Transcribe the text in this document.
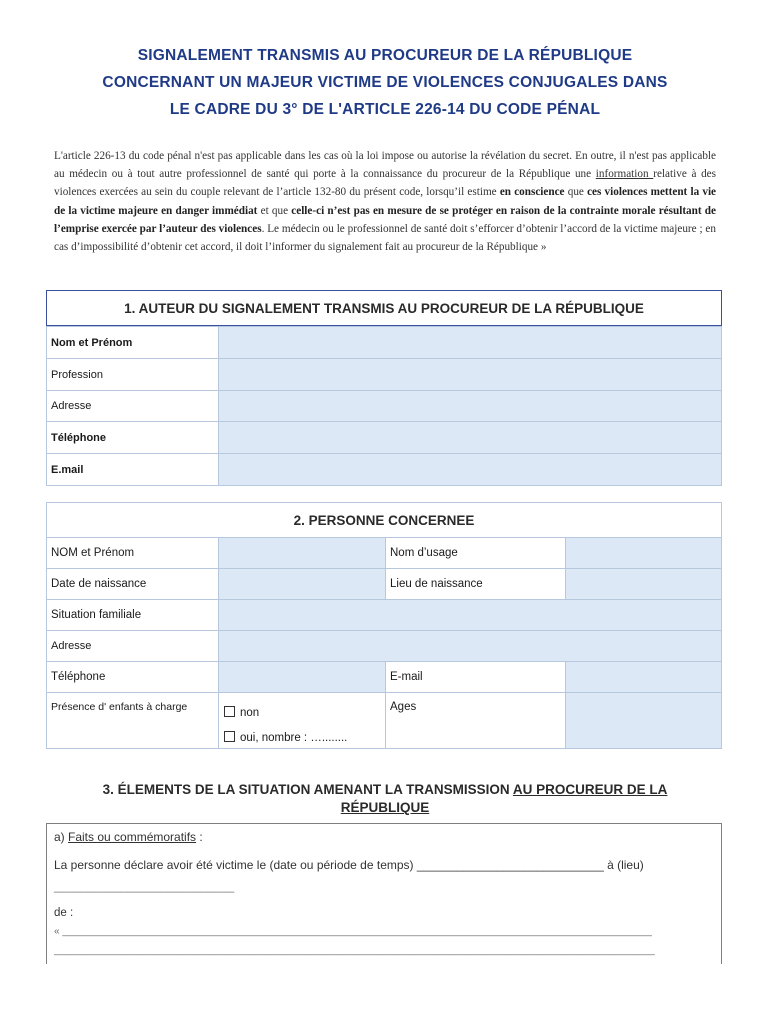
SIGNALEMENT TRANSMIS AU PROCUREUR DE LA RÉPUBLIQUE
CONCERNANT UN MAJEUR VICTIME DE VIOLENCES CONJUGALES DANS
LE CADRE DU 3° DE L'ARTICLE 226-14 DU CODE PÉNAL
L'article 226-13 du code pénal n'est pas applicable dans les cas où la loi impose ou autorise la révélation du secret. En outre, il n'est pas applicable au médecin ou à tout autre professionnel de santé qui porte à la connaissance du procureur de la République une information relative à des violences exercées au sein du couple relevant de l’article 132-80 du présent code, lorsqu’il estime en conscience que ces violences mettent la vie de la victime majeure en danger immédiat et que celle-ci n’est pas en mesure de se protéger en raison de la contrainte morale résultant de l’emprise exercée par l’auteur des violences. Le médecin ou le professionnel de santé doit s’efforcer d’obtenir l’accord de la victime majeure ; en cas d’impossibilité d’obtenir cet accord, il doit l’informer du signalement fait au procureur de la République »
1. AUTEUR DU SIGNALEMENT TRANSMIS AU PROCUREUR DE LA RÉPUBLIQUE
Nom et Prénom
Profession
Adresse
Téléphone
E.mail
2. PERSONNE CONCERNEE
NOM et Prénom	Nom d’usage
Date de naissance	Lieu de naissance
Situation familiale
Adresse
Téléphone	E-mail
Présence d' enfants à charge	non
oui, nombre : …........
Ages
3. ÉLEMENTS DE LA SITUATION AMENANT LA TRANSMISSION AU PROCUREUR DE LA
RÉPUBLIQUE
a) Faits ou commémoratifs :
La personne déclare avoir été victime le (date ou période de temps) ____________________________ à (lieu)
___________________________
de :
« __________________________________________________________________________________________________________
____________________________________________________________________________________________________________
